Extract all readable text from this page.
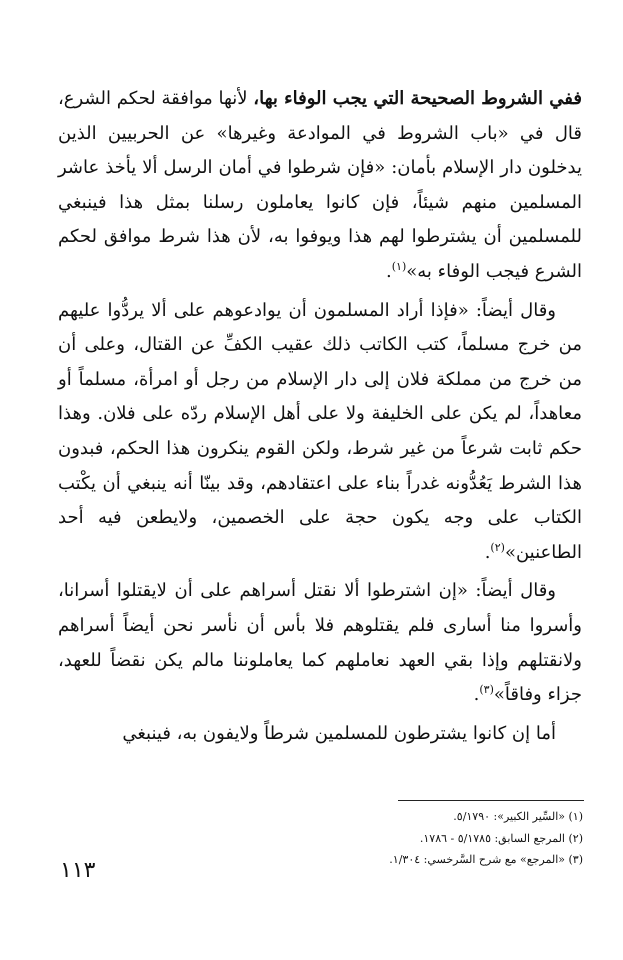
ففي الشروط الصحيحة التي يجب الوفاء بها، لأنها موافقة لحكم الشرع، قال في «باب الشروط في الموادعة وغيرها» عن الحربيين الذين يدخلون دار الإسلام بأمان: «فإن شرطوا في أمان الرسل ألا يأخذ عاشر المسلمين منهم شيئاً، فإن كانوا يعاملون رسلنا بمثل هذا فينبغي للمسلمين أن يشترطوا لهم هذا ويوفوا به، لأن هذا شرط موافق لحكم الشرع فيجب الوفاء به»$^{(١)}$.

وقال أيضاً: «فإذا أراد المسلمون أن يوادعوهم على ألا يردُّوا عليهم من خرج مسلماً، كتب الكاتب ذلك عقيب الكفِّ عن القتال، وعلى أن من خرج من مملكة فلان إلى دار الإسلام من رجل أو امرأة، مسلماً أو معاهداً، لم يكن على الخليفة ولا على أهل الإسلام ردّه على فلان. وهذا حكم ثابت شرعاً من غير شرط، ولكن القوم ينكرون هذا الحكم، فبدون هذا الشرط يَعُدُّونه غدراً بناء على اعتقادهم، وقد بينّا أنه ينبغي أن يكْتب الكتاب على وجه يكون حجة على الخصمين، ولايطعن فيه أحد الطاعنين»$^{(٢)}$.

وقال أيضاً: «إن اشترطوا ألا نقتل أسراهم على أن لايقتلوا أسرانا، وأسروا منا أسارى فلم يقتلوهم فلا بأس أن نأسر نحن أيضاً أسراهم ولانقتلهم وإذا بقي العهد نعاملهم كما يعاملوننا مالم يكن نقضاً للعهد، جزاء وفاقاً»$^{(٣)}$.

أما إن كانوا يشترطون للمسلمين شرطاً ولايفون به، فينبغي

(١) «السِّير الكبير»: ٥/١٧٩٠.
(٢) المرجع السابق: ٥/١٧٨٥ - ١٧٨٦.
(٣) «المرجع» مع شرح السَّرخسي: ١/٣٠٤.
١١٣
